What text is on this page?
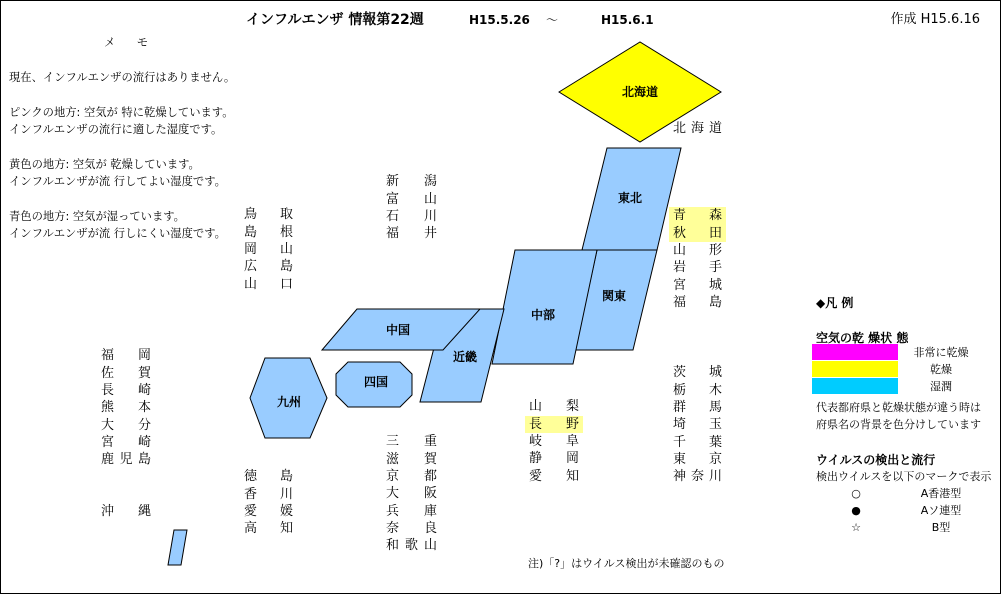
北海道
東北
関東
中部
近畿
中国
四国
九州
インフルエンザ 情報第22週	H15.5.26 ～	H15.6.1	作成 H15.6.16
メ モ
現在、インフルエンザの流行はありません。
ピンクの地方: 空気が 特に乾燥しています。
インフルエンザの流行に適した湿度です。
黄色の地方: 空気が 乾燥しています。
インフルエンザが流 行してよい湿度です。
青色の地方: 空気が湿っています。
インフルエンザが流 行しにくい湿度です。
北 海 道
青 森
秋 田
山 形
岩 手
宮 城
福 島
茨 城
栃 木
群 馬
埼 玉
千 葉
東 京
神 奈 川
新 潟
富 山
石 川
福 井
山 梨
長 野
岐 阜
静 岡
愛 知
三 重
滋 賀
京 都
大 阪
兵 庫
奈 良
和 歌 山
鳥 取
島 根
岡 山
広 島
山 口
徳 島
香 川
愛 媛
高 知
福 岡
佐 賀
長 崎
熊 本
大 分
宮 崎
鹿 児 島
沖 縄
◆凡 例
空気の乾 燥状 態
非常に乾燥
乾燥
湿潤
代表都府県と乾燥状態が違う時は
府県名の背景を色分けしています
ウイルスの検出と流行
検出ウイルスを以下のマークで表示
○	A香港型
●	Aソ連型
☆	B型
注)「?」はウイルス検出が未確認のもの
